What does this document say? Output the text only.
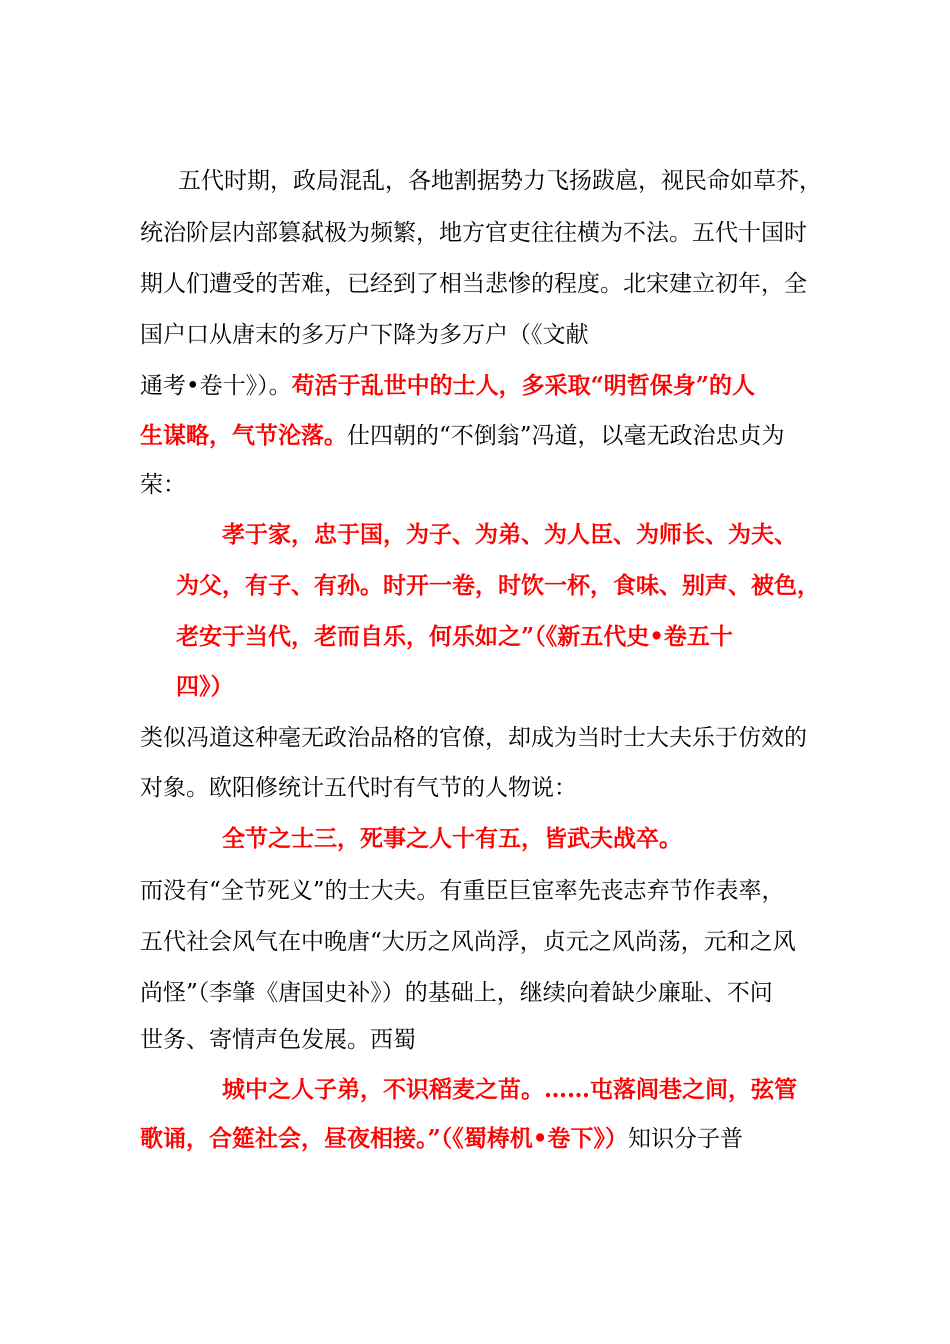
五代时期，政局混乱，各地割据势力飞扬跋扈，视民命如草芥，
统治阶层内部篡弑极为频繁，地方官吏往往横为不法。五代十国时
期人们遭受的苦难，已经到了相当悲惨的程度。北宋建立初年，全
国户口从唐末的多万户下降为多万户（《文献
通考•卷十》）。苟活于乱世中的士人，多采取“明哲保身”的人
生谋略，气节沦落。仕四朝的“不倒翁”冯道，以毫无政治忠贞为
荣：
孝于家，忠于国，为子、为弟、为人臣、为师长、为夫、
为父，有子、有孙。时开一卷，时饮一杯，食味、别声、被色，
老安于当代，老而自乐，何乐如之”（《新五代史•卷五十
四》）
类似冯道这种毫无政治品格的官僚，却成为当时士大夫乐于仿效的
对象。欧阳修统计五代时有气节的人物说：
全节之士三，死事之人十有五，皆武夫战卒。
而没有“全节死义”的士大夫。有重臣巨宦率先丧志弃节作表率，
五代社会风气在中晚唐“大历之风尚浮，贞元之风尚荡，元和之风
尚怪”（李肇《唐国史补》）的基础上，继续向着缺少廉耻、不问
世务、寄情声色发展。西蜀
城中之人子弟，不识稻麦之苗。……屯落闾巷之间，弦管
歌诵，合筵社会，昼夜相接。”（《蜀梼机•卷下》）知识分子普
